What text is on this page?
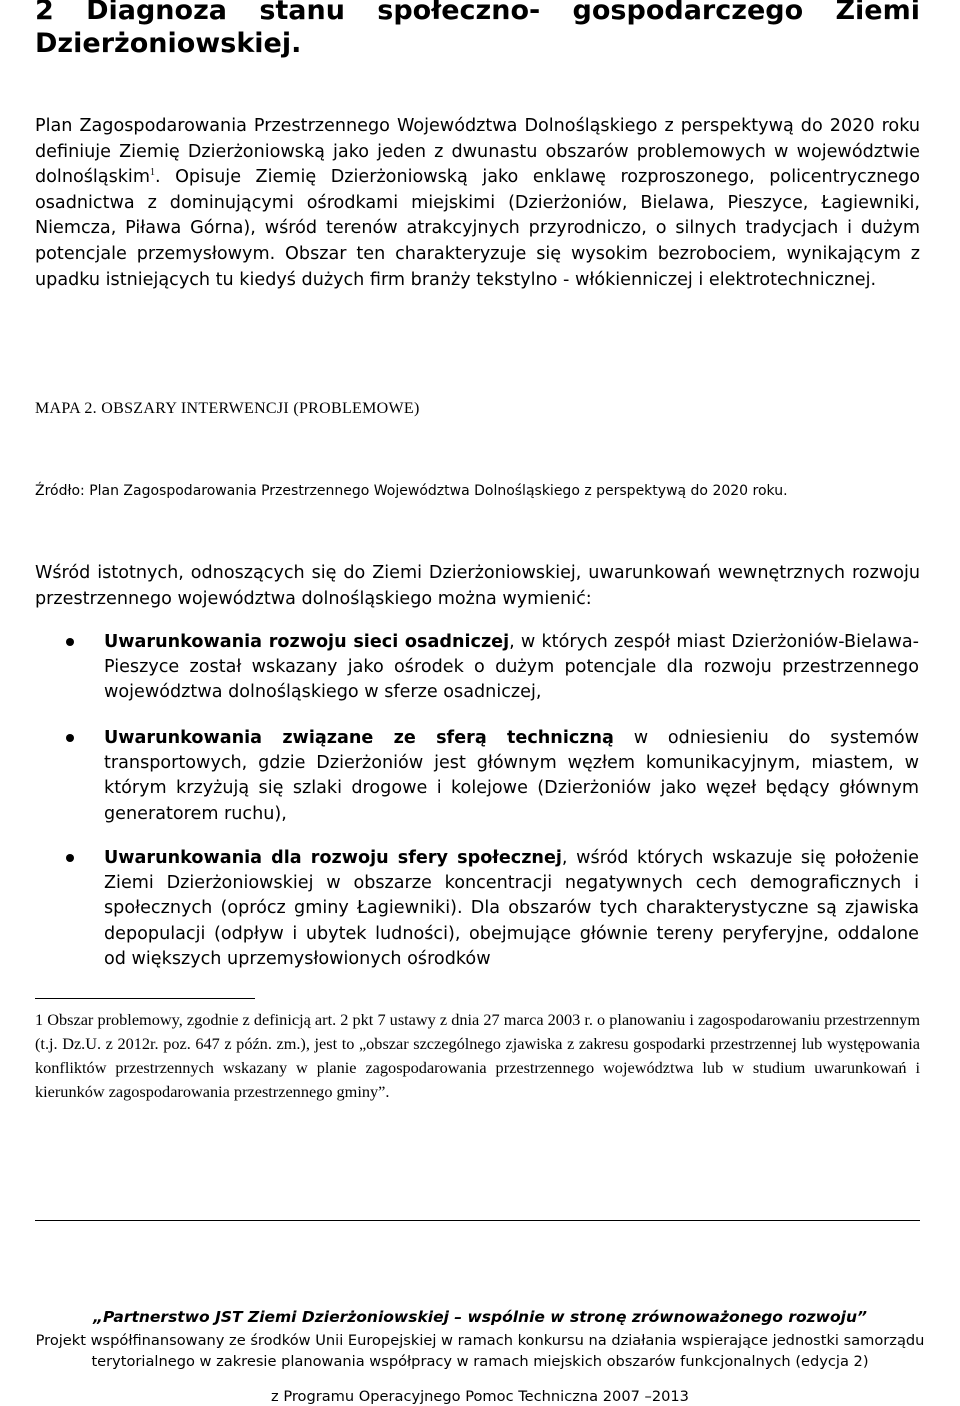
2 Diagnoza stanu społeczno- gospodarczego Ziemi Dzierżoniowskiej.

Plan Zagospodarowania Przestrzennego Województwa Dolnośląskiego z perspektywą do 2020 roku definiuje Ziemię Dzierżoniowską jako jeden z dwunastu obszarów problemowych w województwie dolnośląskim$^1$. Opisuje Ziemię Dzierżoniowską jako enklawę rozproszonego, policentrycznego osadnictwa z dominującymi ośrodkami miejskimi (Dzierżoniów, Bielawa, Pieszyce, Łagiewniki, Niemcza, Piława Górna), wśród terenów atrakcyjnych przyrodniczo, o silnych tradycjach i dużym potencjale przemysłowym. Obszar ten charakteryzuje się wysokim bezrobociem, wynikającym z upadku istniejących tu kiedyś dużych firm branży tekstylno - włókienniczej i elektrotechnicznej.

MAPA 2. OBSZARY INTERWENCJI (PROBLEMOWE)

Źródło: Plan Zagospodarowania Przestrzennego Województwa Dolnośląskiego z perspektywą do 2020 roku.

Wśród istotnych, odnoszących się do Ziemi Dzierżoniowskiej, uwarunkowań wewnętrznych rozwoju przestrzennego województwa dolnośląskiego można wymienić:

Uwarunkowania rozwoju sieci osadniczej, w których zespół miast Dzierżoniów-Bielawa-Pieszyce został wskazany jako ośrodek o dużym potencjale dla rozwoju przestrzennego województwa dolnośląskiego w sferze osadniczej,

Uwarunkowania związane ze sferą techniczną w odniesieniu do systemów transportowych, gdzie Dzierżoniów jest głównym węzłem komunikacyjnym, miastem, w którym krzyżują się szlaki drogowe i kolejowe (Dzierżoniów jako węzeł będący głównym generatorem ruchu),

Uwarunkowania dla rozwoju sfery społecznej, wśród których wskazuje się położenie Ziemi Dzierżoniowskiej w obszarze koncentracji negatywnych cech demograficznych i społecznych (oprócz gminy Łagiewniki). Dla obszarów tych charakterystyczne są zjawiska depopulacji (odpływ i ubytek ludności), obejmujące głównie tereny peryferyjne, oddalone od większych uprzemysłowionych ośrodków

1 Obszar problemowy, zgodnie z definicją art. 2 pkt 7 ustawy z dnia 27 marca 2003 r. o planowaniu i zagospodarowaniu przestrzennym (t.j. Dz.U. z 2012r. poz. 647 z późn. zm.), jest to „obszar szczególnego zjawiska z zakresu gospodarki przestrzennej lub występowania konfliktów przestrzennych wskazany w planie zagospodarowania przestrzennego województwa lub w studium uwarunkowań i kierunków zagospodarowania przestrzennego gminy”.

„Partnerstwo JST Ziemi Dzierżoniowskiej – wspólnie w stronę zrównoważonego rozwoju”

Projekt współfinansowany ze środków Unii Europejskiej w ramach konkursu na działania wspierające jednostki samorządu

terytorialnego w zakresie planowania współpracy w ramach miejskich obszarów funkcjonalnych (edycja 2)

z Programu Operacyjnego Pomoc Techniczna 2007 –2013
